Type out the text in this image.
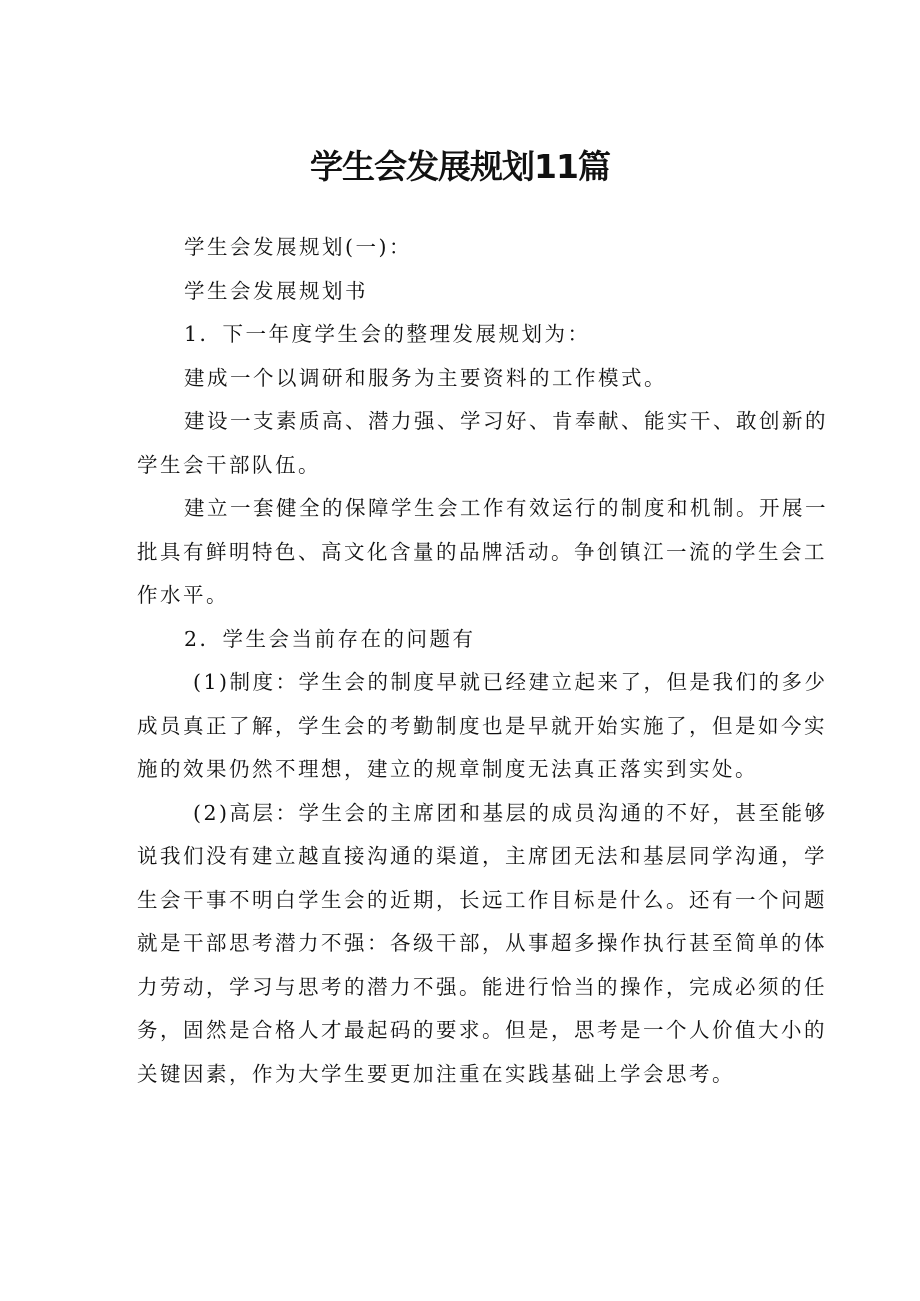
学生会发展规划11篇

学生会发展规划(一)：

学生会发展规划书

1．下一年度学生会的整理发展规划为：

建成一个以调研和服务为主要资料的工作模式。

建设一支素质高、潜力强、学习好、肯奉献、能实干、敢创新的
学生会干部队伍。

建立一套健全的保障学生会工作有效运行的制度和机制。开展一
批具有鲜明特色、高文化含量的品牌活动。争创镇江一流的学生会工
作水平。

2．学生会当前存在的问题有

(1)制度：学生会的制度早就已经建立起来了，但是我们的多少
成员真正了解，学生会的考勤制度也是早就开始实施了，但是如今实
施的效果仍然不理想，建立的规章制度无法真正落实到实处。

(2)高层：学生会的主席团和基层的成员沟通的不好，甚至能够
说我们没有建立越直接沟通的渠道，主席团无法和基层同学沟通，学
生会干事不明白学生会的近期，长远工作目标是什么。还有一个问题
就是干部思考潜力不强：各级干部，从事超多操作执行甚至简单的体
力劳动，学习与思考的潜力不强。能进行恰当的操作，完成必须的任
务，固然是合格人才最起码的要求。但是，思考是一个人价值大小的
关键因素，作为大学生要更加注重在实践基础上学会思考。
